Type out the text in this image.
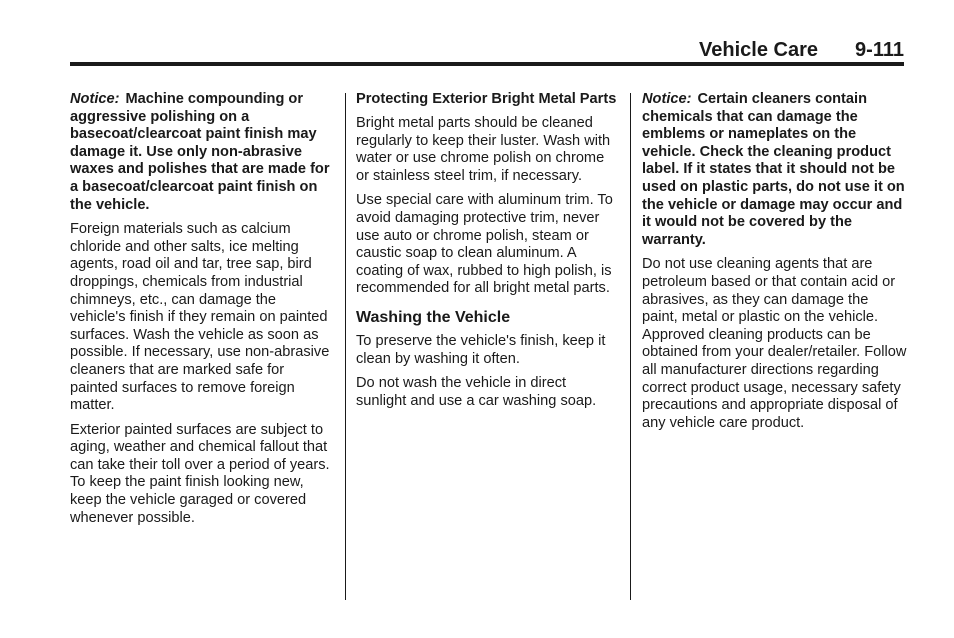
Vehicle Care 9-111

Notice: Machine compounding or aggressive polishing on a basecoat/clearcoat paint finish may damage it. Use only non-abrasive waxes and polishes that are made for a basecoat/clearcoat paint finish on the vehicle.

Foreign materials such as calcium chloride and other salts, ice melting agents, road oil and tar, tree sap, bird droppings, chemicals from industrial chimneys, etc., can damage the vehicle's finish if they remain on painted surfaces. Wash the vehicle as soon as possible. If necessary, use non-abrasive cleaners that are marked safe for painted surfaces to remove foreign matter.

Exterior painted surfaces are subject to aging, weather and chemical fallout that can take their toll over a period of years. To keep the paint finish looking new, keep the vehicle garaged or covered whenever possible.

Protecting Exterior Bright Metal Parts

Bright metal parts should be cleaned regularly to keep their luster. Wash with water or use chrome polish on chrome or stainless steel trim, if necessary.

Use special care with aluminum trim. To avoid damaging protective trim, never use auto or chrome polish, steam or caustic soap to clean aluminum. A coating of wax, rubbed to high polish, is recommended for all bright metal parts.

Washing the Vehicle

To preserve the vehicle's finish, keep it clean by washing it often.

Do not wash the vehicle in direct sunlight and use a car washing soap.

Notice: Certain cleaners contain chemicals that can damage the emblems or nameplates on the vehicle. Check the cleaning product label. If it states that it should not be used on plastic parts, do not use it on the vehicle or damage may occur and it would not be covered by the warranty.

Do not use cleaning agents that are petroleum based or that contain acid or abrasives, as they can damage the paint, metal or plastic on the vehicle. Approved cleaning products can be obtained from your dealer/retailer. Follow all manufacturer directions regarding correct product usage, necessary safety precautions and appropriate disposal of any vehicle care product.
